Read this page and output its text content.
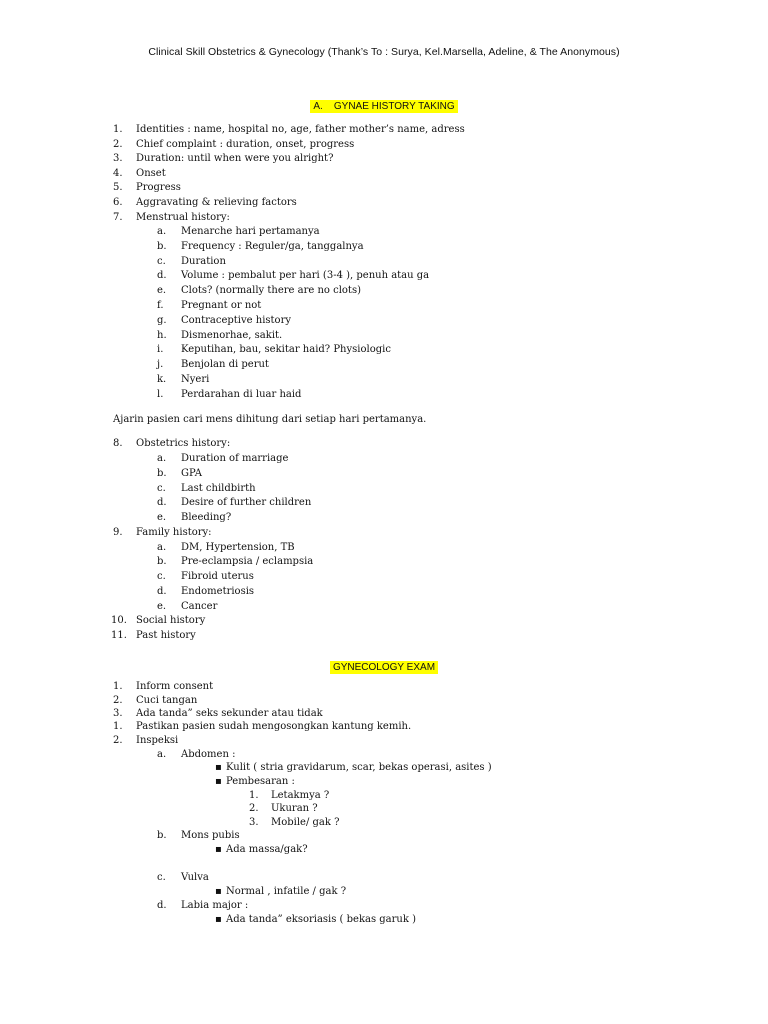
Clinical Skill Obstetrics & Gynecology (Thank’s To : Surya, Kel.Marsella, Adeline, & The Anonymous)
A. GYNAE HISTORY TAKING
1. Identities : name, hospital no, age, father mother’s name, adress
2. Chief complaint : duration, onset, progress
3. Duration: until when were you alright?
4. Onset
5. Progress
6. Aggravating & relieving factors
7. Menstrual history:
a. Menarche hari pertamanya
b. Frequency : Reguler/ga, tanggalnya
c. Duration
d. Volume : pembalut per hari (3-4 ), penuh atau ga
e. Clots? (normally there are no clots)
f. Pregnant or not
g. Contraceptive history
h. Dismenorhae, sakit.
i. Keputihan, bau, sekitar haid? Physiologic
j. Benjolan di perut
k. Nyeri
l. Perdarahan di luar haid
Ajarin pasien cari mens dihitung dari setiap hari pertamanya.
8. Obstetrics history:
a. Duration of marriage
b. GPA
c. Last childbirth
d. Desire of further children
e. Bleeding?
9. Family history:
a. DM, Hypertension, TB
b. Pre-eclampsia / eclampsia
c. Fibroid uterus
d. Endometriosis
e. Cancer
10. Social history
11. Past history
GYNECOLOGY EXAM
1. Inform consent
2. Cuci tangan
3. Ada tanda” seks sekunder atau tidak
1. Pastikan pasien sudah mengosongkan kantung kemih.
2. Inspeksi
a. Abdomen :
▪ Kulit ( stria gravidarum, scar, bekas operasi, asites )
▪ Pembesaran :
1. Letakmya ?
2. Ukuran ?
3. Mobile/ gak ?
b. Mons pubis
▪ Ada massa/gak?
c. Vulva
▪ Normal , infatile / gak ?
d. Labia major :
▪ Ada tanda” eksoriasis ( bekas garuk )
